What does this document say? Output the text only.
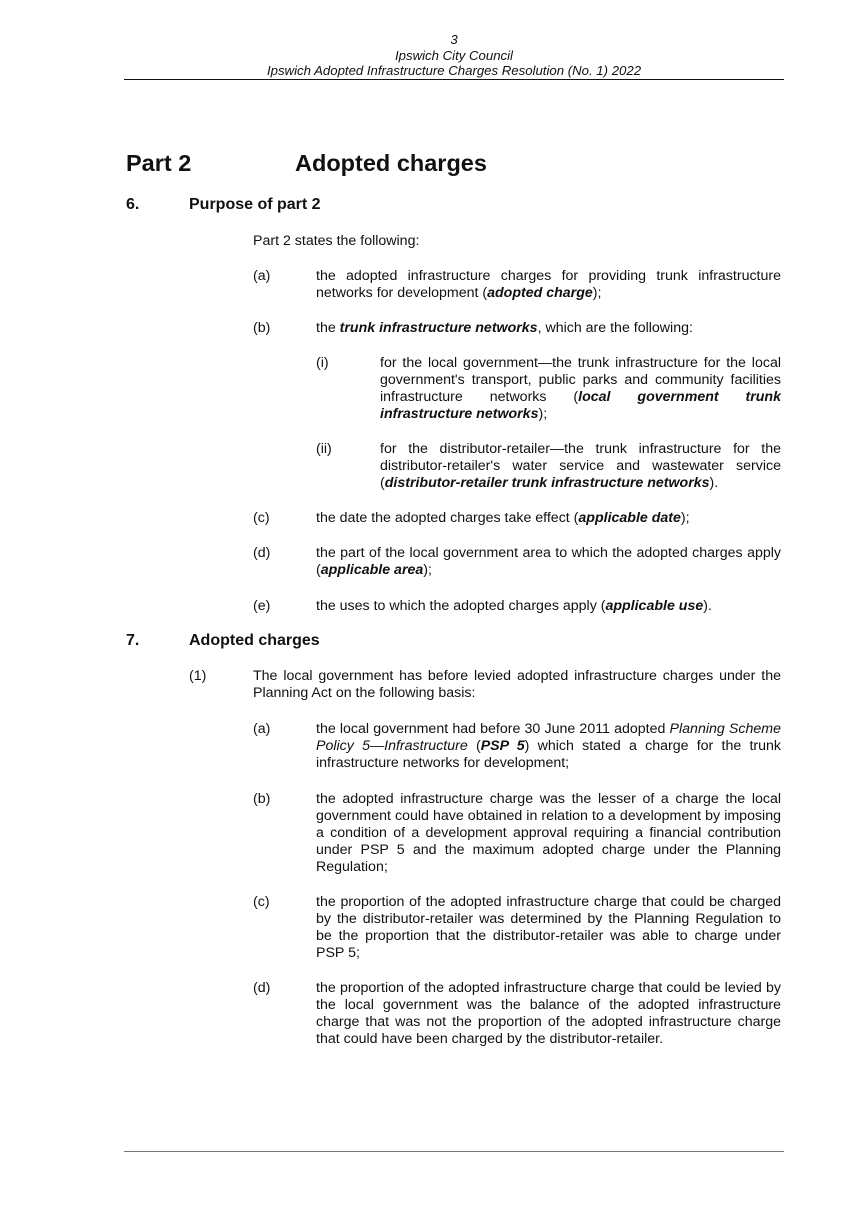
3
Ipswich City Council
Ipswich Adopted Infrastructure Charges Resolution (No. 1) 2022
Part 2	Adopted charges
6.	Purpose of part 2
Part 2 states the following:
(a)	the adopted infrastructure charges for providing trunk infrastructure networks for development (adopted charge);
(b)	the trunk infrastructure networks, which are the following:
(i)	for the local government—the trunk infrastructure for the local government's transport, public parks and community facilities infrastructure networks (local government trunk infrastructure networks);
(ii)	for the distributor-retailer—the trunk infrastructure for the distributor-retailer's water service and wastewater service (distributor-retailer trunk infrastructure networks).
(c)	the date the adopted charges take effect (applicable date);
(d)	the part of the local government area to which the adopted charges apply (applicable area);
(e)	the uses to which the adopted charges apply (applicable use).
7.	Adopted charges
(1)	The local government has before levied adopted infrastructure charges under the Planning Act on the following basis:
(a)	the local government had before 30 June 2011 adopted Planning Scheme Policy 5—Infrastructure (PSP 5) which stated a charge for the trunk infrastructure networks for development;
(b)	the adopted infrastructure charge was the lesser of a charge the local government could have obtained in relation to a development by imposing a condition of a development approval requiring a financial contribution under PSP 5 and the maximum adopted charge under the Planning Regulation;
(c)	the proportion of the adopted infrastructure charge that could be charged by the distributor-retailer was determined by the Planning Regulation to be the proportion that the distributor-retailer was able to charge under PSP 5;
(d)	the proportion of the adopted infrastructure charge that could be levied by the local government was the balance of the adopted infrastructure charge that was not the proportion of the adopted infrastructure charge that could have been charged by the distributor-retailer.
